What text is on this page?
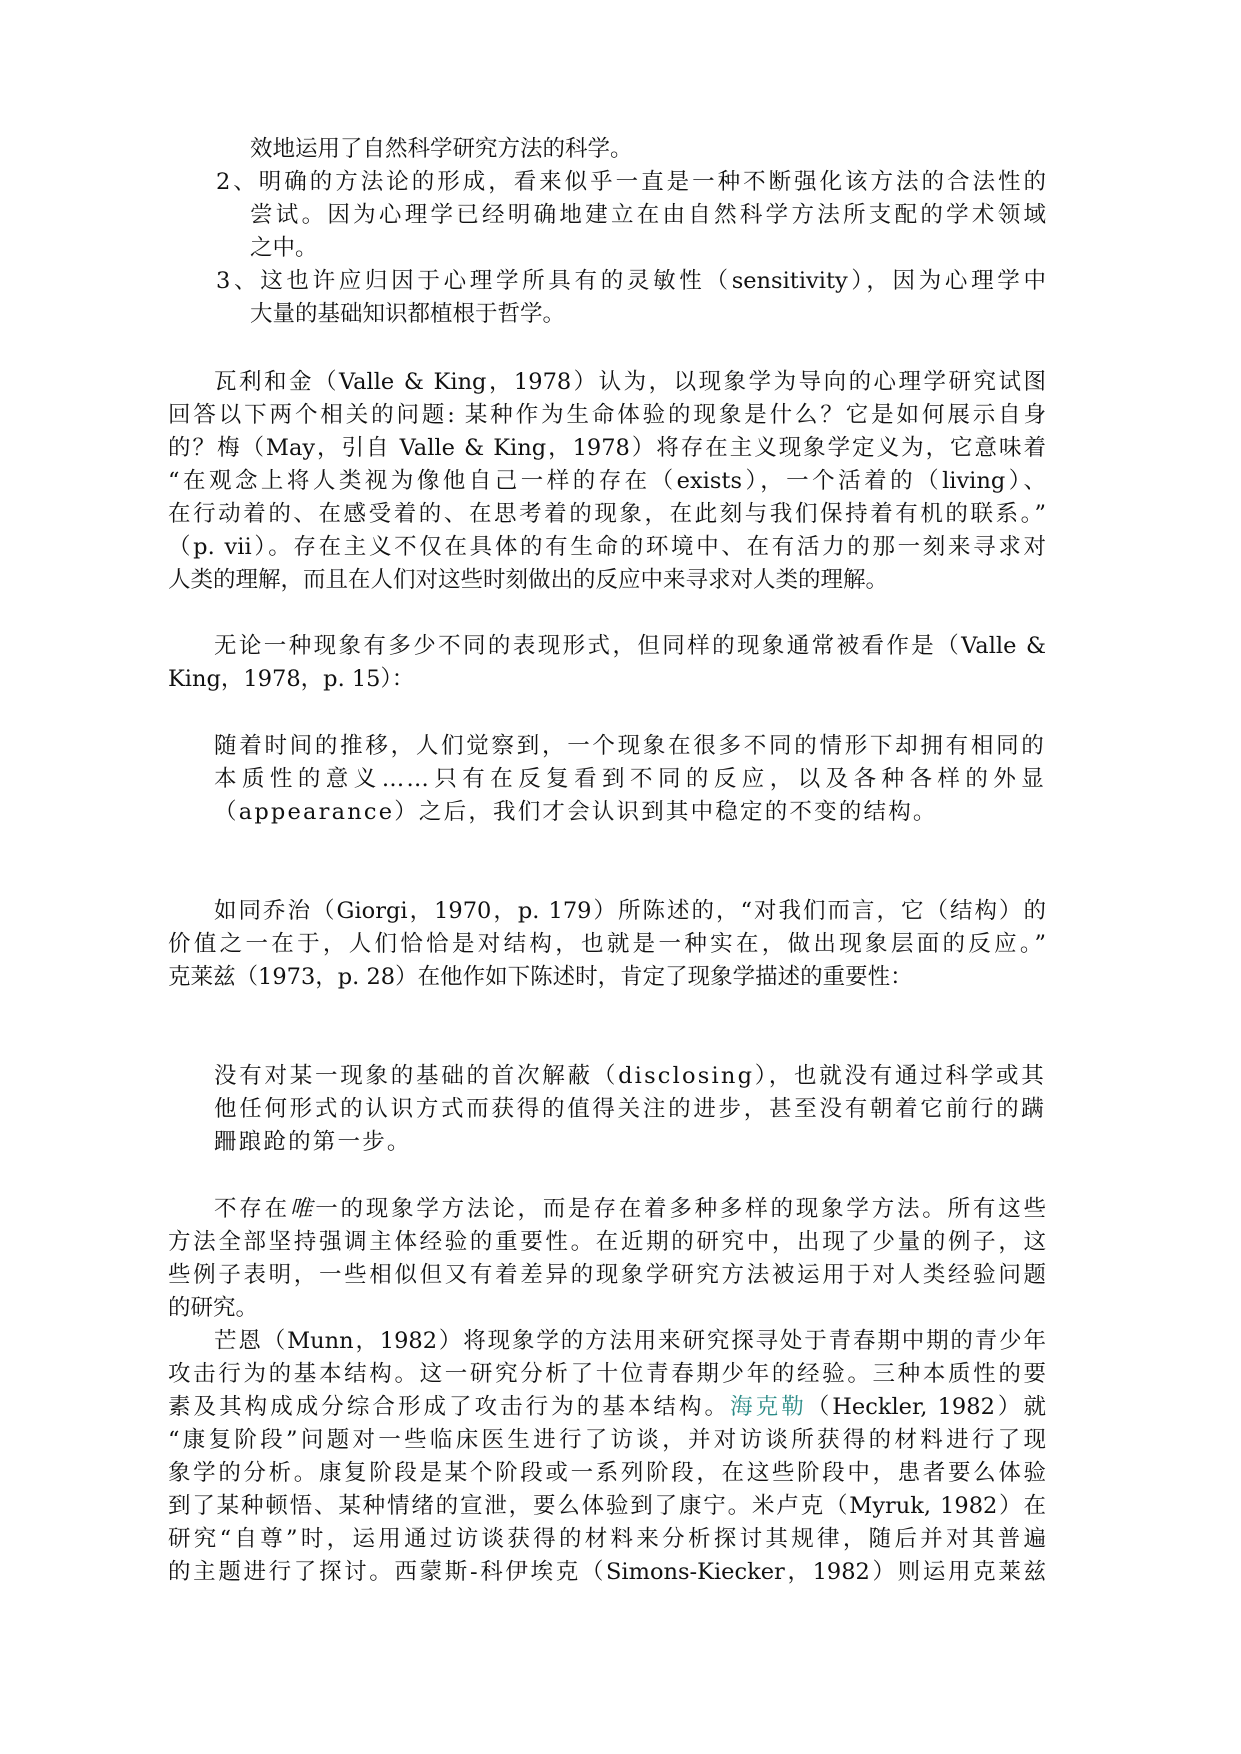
效地运用了自然科学研究方法的科学。
2、明确的方法论的形成，看来似乎一直是一种不断强化该方法的合法性的
尝试。因为心理学已经明确地建立在由自然科学方法所支配的学术领域
之中。
3、这也许应归因于心理学所具有的灵敏性（sensitivity），因为心理学中
大量的基础知识都植根于哲学。
瓦利和金（Valle & King，1978）认为，以现象学为导向的心理学研究试图
回答以下两个相关的问题: 某种作为生命体验的现象是什么？它是如何展示自身
的？梅（May，引自 Valle & King，1978）将存在主义现象学定义为，它意味着
“在观念上将人类视为像他自己一样的存在（exists），一个活着的（living）、
在行动着的、在感受着的、在思考着的现象，在此刻与我们保持着有机的联系。”
（p. vii）。存在主义不仅在具体的有生命的环境中、在有活力的那一刻来寻求对
人类的理解，而且在人们对这些时刻做出的反应中来寻求对人类的理解。
无论一种现象有多少不同的表现形式，但同样的现象通常被看作是（Valle &
King，1978，p. 15）：
随着时间的推移，人们觉察到，一个现象在很多不同的情形下却拥有相同的
本质性的意义……只有在反复看到不同的反应，以及各种各样的外显
（appearance）之后，我们才会认识到其中稳定的不变的结构。
如同乔治（Giorgi，1970，p. 179）所陈述的，“对我们而言，它（结构）的
价值之一在于，人们恰恰是对结构，也就是一种实在，做出现象层面的反应。”
克莱兹（1973，p. 28）在他作如下陈述时，肯定了现象学描述的重要性：
没有对某一现象的基础的首次解蔽（disclosing），也就没有通过科学或其
他任何形式的认识方式而获得的值得关注的进步，甚至没有朝着它前行的蹒
跚踉跄的第一步。
不存在唯一的现象学方法论，而是存在着多种多样的现象学方法。所有这些
方法全部坚持强调主体经验的重要性。在近期的研究中，出现了少量的例子，这
些例子表明，一些相似但又有着差异的现象学研究方法被运用于对人类经验问题
的研究。
芒恩（Munn，1982）将现象学的方法用来研究探寻处于青春期中期的青少年
攻击行为的基本结构。这一研究分析了十位青春期少年的经验。三种本质性的要
素及其构成成分综合形成了攻击行为的基本结构。海克勒（Heckler, 1982）就
“康复阶段”问题对一些临床医生进行了访谈，并对访谈所获得的材料进行了现
象学的分析。康复阶段是某个阶段或一系列阶段，在这些阶段中，患者要么体验
到了某种顿悟、某种情绪的宣泄，要么体验到了康宁。米卢克（Myruk, 1982）在
研究“自尊”时，运用通过访谈获得的材料来分析探讨其规律，随后并对其普遍
的主题进行了探讨。西蒙斯-科伊埃克（Simons-Kiecker，1982）则运用克莱兹
